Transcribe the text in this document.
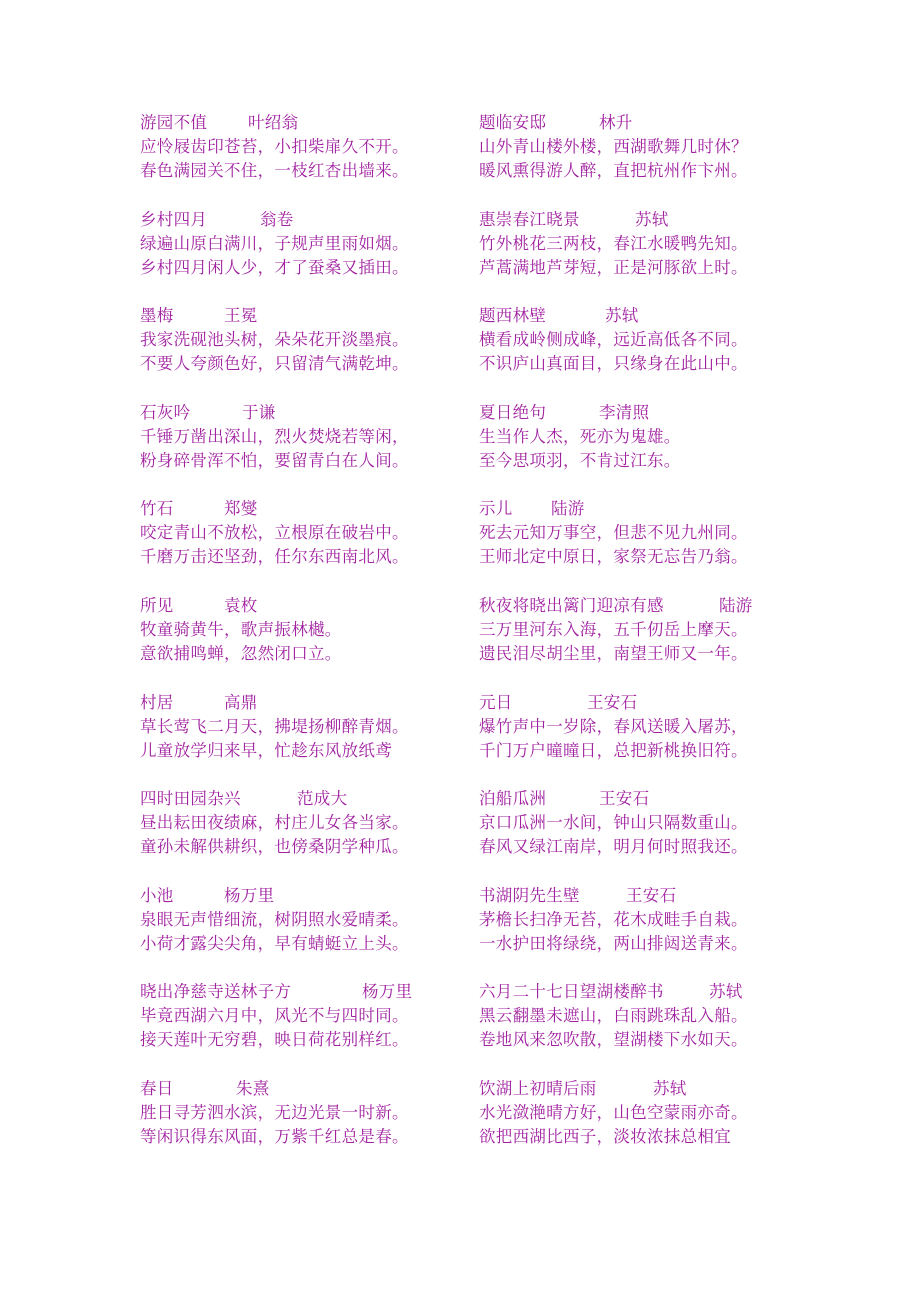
游园不值 叶绍翁
应怜屐齿印苍苔，小扣柴扉久不开。
春色满园关不住，一枝红杏出墙来。
乡村四月	翁卷
绿遍山原白满川，子规声里雨如烟。
乡村四月闲人少，才了蚕桑又插田。
墨梅	王冕
我家洗砚池头树，朵朵花开淡墨痕。
不要人夸颜色好，只留清气满乾坤。
石灰吟	于谦
千锤万凿出深山，烈火焚烧若等闲，
粉身碎骨浑不怕，要留青白在人间。
竹石	郑燮
咬定青山不放松，立根原在破岩中。
千磨万击还坚劲，任尔东西南北风。
所见	袁枚
牧童骑黄牛，歌声振林樾。
意欲捕鸣蝉，忽然闭口立。
村居	高鼎
草长莺飞二月天，拂堤扬柳醉青烟。
儿童放学归来早，忙趁东风放纸鸢
四时田园杂兴	范成大
昼出耘田夜绩麻，村庄儿女各当家。
童孙未解供耕织，也傍桑阴学种瓜。
小池	杨万里
泉眼无声惜细流，树阴照水爱晴柔。
小荷才露尖尖角，早有蜻蜓立上头。
晓出净慈寺送林子方	杨万里
毕竟西湖六月中，风光不与四时同。
接天莲叶无穷碧，映日荷花别样红。
春日	朱熹
胜日寻芳泗水滨，无边光景一时新。
等闲识得东风面，万紫千红总是春。
题临安邸	林升
山外青山楼外楼，西湖歌舞几时休？
暖风熏得游人醉，直把杭州作卞州。
惠崇春江晓景	苏轼
竹外桃花三两枝，春江水暖鸭先知。
芦蒿满地芦芽短，正是河豚欲上时。
题西林壁	苏轼
横看成岭侧成峰，远近高低各不同。
不识庐山真面目，只缘身在此山中。
夏日绝句	李清照
生当作人杰，死亦为鬼雄。
至今思项羽，不肯过江东。
示儿 陆游
死去元知万事空，但悲不见九州同。
王师北定中原日，家祭无忘告乃翁。
秋夜将晓出篱门迎凉有感	陆游
三万里河东入海，五千仞岳上摩天。
遗民泪尽胡尘里，南望王师又一年。
元日	王安石
爆竹声中一岁除，春风送暖入屠苏，
千门万户曈曈日，总把新桃换旧符。
泊船瓜洲	王安石
京口瓜洲一水间，钟山只隔数重山。
春风又绿江南岸，明月何时照我还。
书湖阴先生壁	王安石
茅檐长扫净无苔，花木成畦手自栽。
一水护田将绿绕，两山排闼送青来。
六月二十七日望湖楼醉书	苏轼
黑云翻墨未遮山，白雨跳珠乱入船。
卷地风来忽吹散，望湖楼下水如天。
饮湖上初晴后雨	苏轼
水光潋滟晴方好，山色空蒙雨亦奇。
欲把西湖比西子，淡妆浓抹总相宜
